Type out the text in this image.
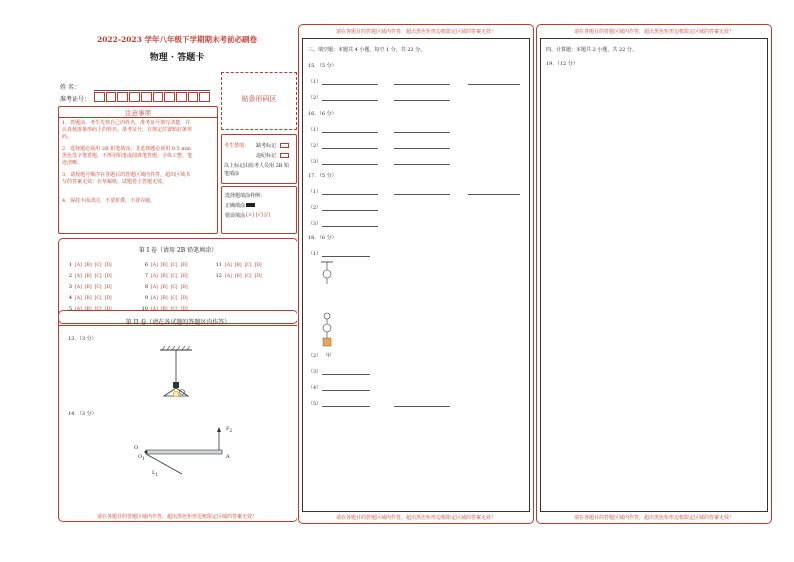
2022-2023 学年八年级下学期期末考前必刷卷
物理 · 答题卡
姓 名：
准考证号：	贴条形码区
注意事项
1．答题前，考生先将自己的姓名，准考证号填写清楚，并认真核准条形码上的姓名、准考证号，在规定位置贴好条形码。
2．选择题必须用 2B 铅笔填涂；非选择题必须用 0.5 mm 黑色签字笔答题，不得用铅笔或圆珠笔答题；字体工整、笔迹清晰。
3．请按题号顺序在各题目的答题区域内作答，超出区域书写的答案无效；在草稿纸、试题卷上答题无效。
4．保持卡面清洁，不要折叠、不要弄破。
考生禁填： 缺考标记
违纪标记
以上标记由监考人员用 2B 铅笔填涂
选择题填涂样例：
正确填涂
错误填涂 [×] [√] [/]
第 I 卷（请用 2B 铅笔填涂）
1 [A] [B] [C] [D]
2 [A] [B] [C] [D]
3 [A] [B] [C] [D]
4 [A] [B] [C] [D]
5 [A] [B] [C] [D]
6 [A] [B] [C] [D]
7 [A] [B] [C] [D]
8 [A] [B] [C] [D]
9 [A] [B] [C] [D]
10 [A] [B] [C] [D]
11 [A] [B] [C] [D]
12 [A] [B] [C] [D]
第 II 卷（请在各试题的答题区内作答）
13．（3 分）
14．（3 分）
O
$O_1$	A
$F_2$
$L_1$
请在各题目的答题区域内作答，超出黑色矩形边框限定区域的答案无效！
请在各题目的答题区域内作答，超出黑色矩形边框限定区域的答案无效！
三、填空题：本题共 4 小题，每空 1 分，共 22 分。
15．（5 分）
（1）
（2）
16．（6 分）
（1）
（2）
（3）
17．（5 分）
（1）
（2）
（3）
18．（6 分）
（1）
（2） 甲
（3）
（4）
（5）
请在各题目的答题区域内作答，超出黑色矩形边框限定区域的答案无效！
请在各题目的答题区域内作答，超出黑色矩形边框限定区域的答案无效！
四、计算题：本题共 2 小题，共 22 分。
19．（12 分）
请在各题目的答题区域内作答，超出黑色矩形边框限定区域的答案无效！
